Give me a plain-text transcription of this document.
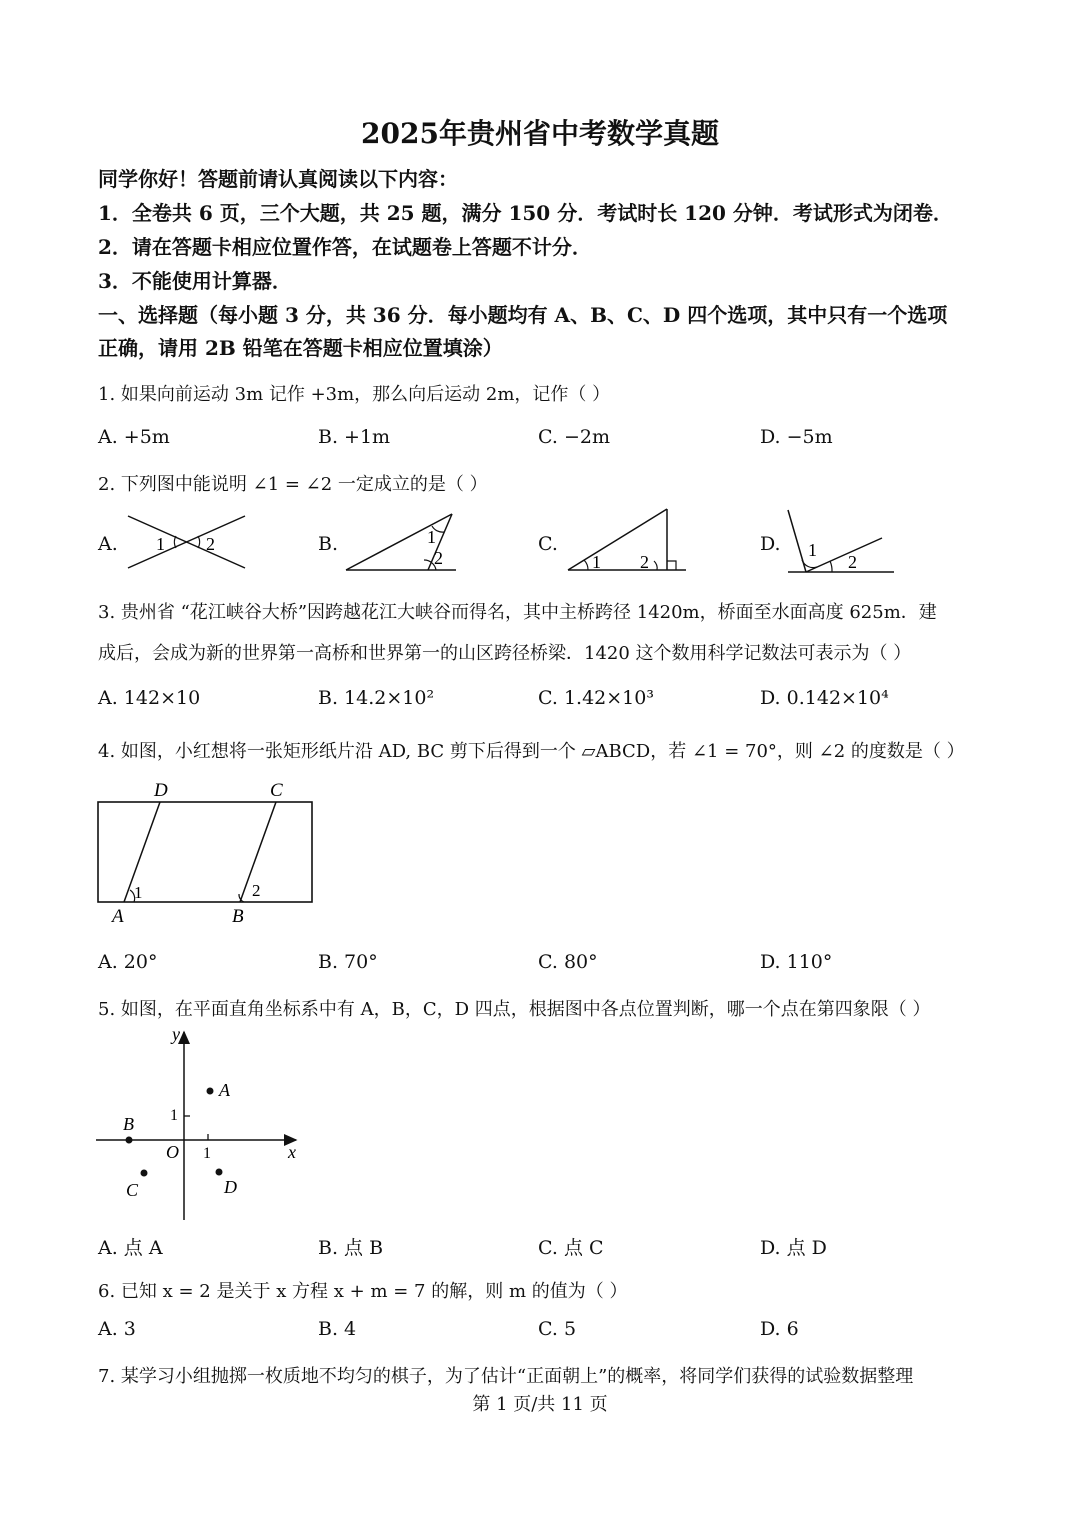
2025年贵州省中考数学真题
同学你好！答题前请认真阅读以下内容：
1．全卷共 6 页，三个大题，共 25 题，满分 150 分．考试时长 120 分钟．考试形式为闭卷．
2．请在答题卡相应位置作答，在试题卷上答题不计分．
3．不能使用计算器．
一、选择题（每小题 3 分，共 36 分．每小题均有 A、B、C、D 四个选项，其中只有一个选项
正确，请用 2B 铅笔在答题卡相应位置填涂）
1. 如果向前运动 3m 记作 +3m，那么向后运动 2m，记作（ ）
A. +5m	B. +1m	C. −2m	D. −5m
2. 下列图中能说明 ∠1 = ∠2 一定成立的是（ ）
A.	B.	C.	D.
1 2	1
2	1 2
1
2
3. 贵州省 “花江峡谷大桥”因跨越花江大峡谷而得名，其中主桥跨径 1420m，桥面至水面高度 625m．建
成后，会成为新的世界第一高桥和世界第一的山区跨径桥梁．1420 这个数用科学记数法可表示为（ ）
A. 142×10	B. 14.2×10²	C. 1.42×10³	D. 0.142×10⁴
4. 如图，小红想将一张矩形纸片沿 AD, BC 剪下后得到一个 ▱ABCD，若 ∠1 = 70°，则 ∠2 的度数是（ ）
D	C
A	B
1	2
A. 20°	B. 70°	C. 80°	D. 110°
5. 如图，在平面直角坐标系中有 A，B，C，D 四点，根据图中各点位置判断，哪一个点在第四象限（ ）
y
x
O
1
1
A
B
C	D
A. 点 A	B. 点 B	C. 点 C	D. 点 D
6. 已知 x = 2 是关于 x 方程 x + m = 7 的解，则 m 的值为（ ）
A. 3	B. 4	C. 5	D. 6
7. 某学习小组抛掷一枚质地不均匀的棋子，为了估计“正面朝上”的概率，将同学们获得的试验数据整理
第 1 页/共 11 页
